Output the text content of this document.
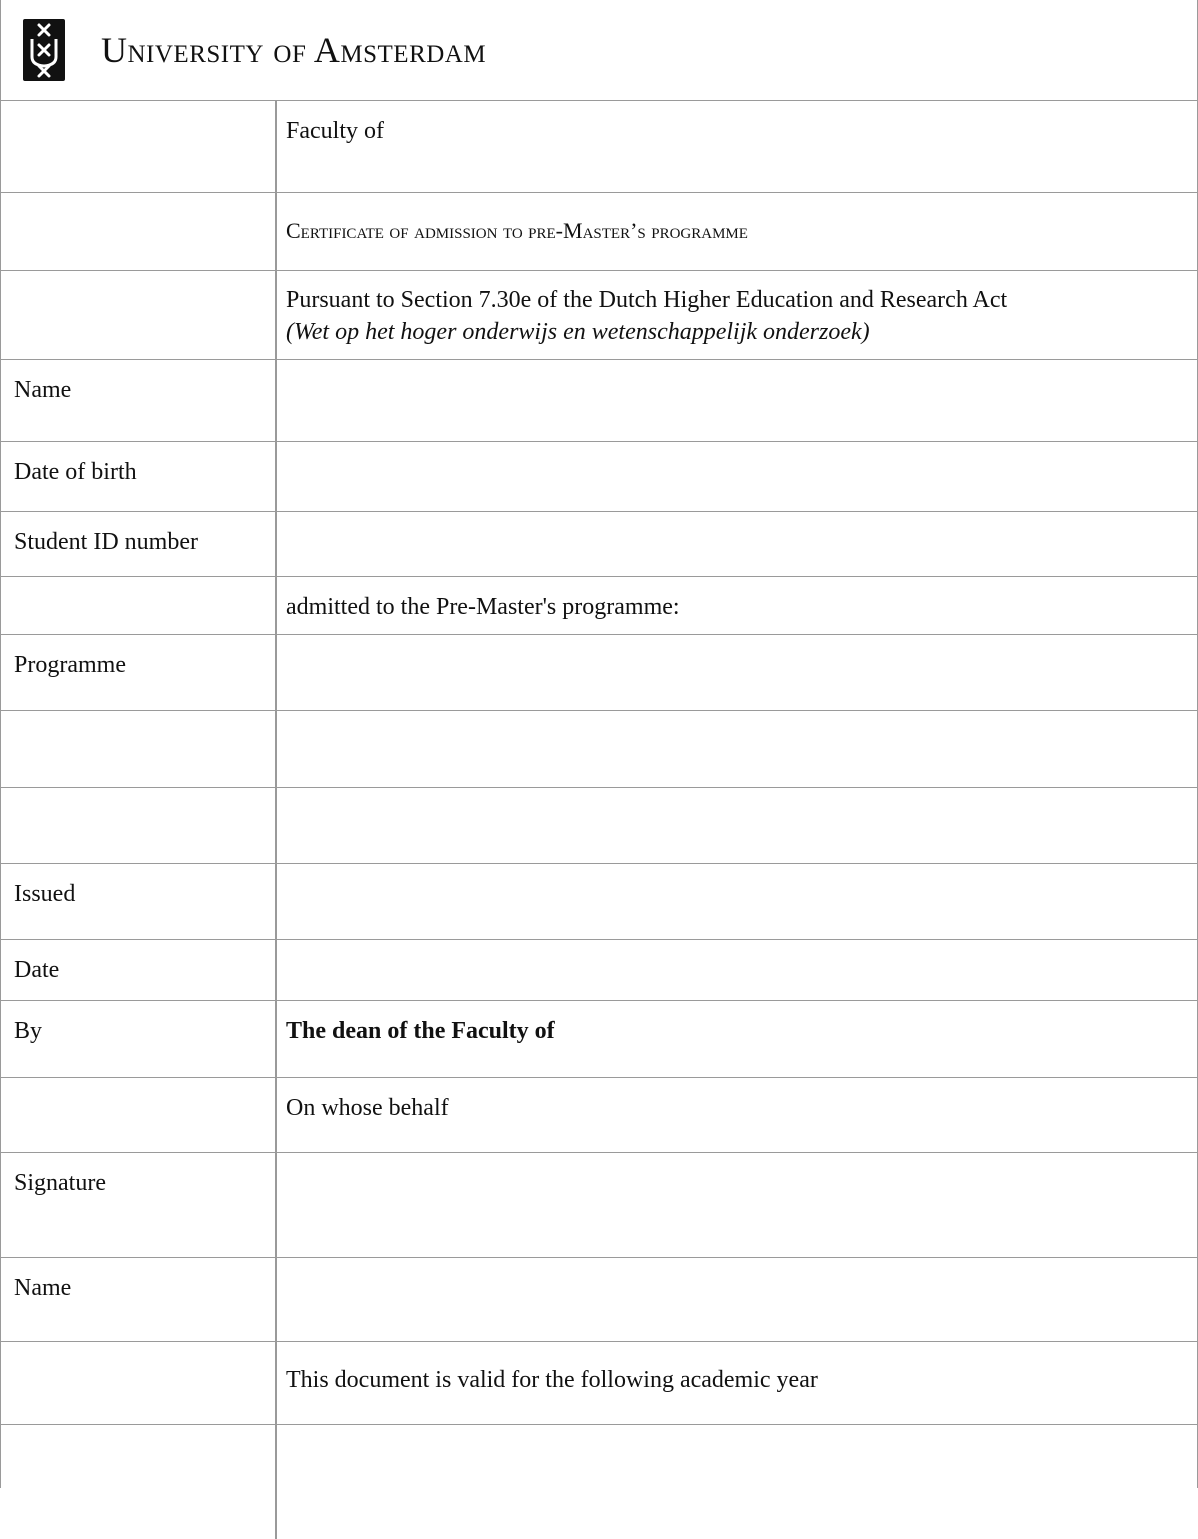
University of Amsterdam
	Faculty of
	Certificate of admission to pre-Master’s programme

	Pursuant to Section 7.30e of the Dutch Higher Education and Research Act
(Wet op het hoger onderwijs en wetenschappelijk onderzoek)

Name	
Date of birth	
Student ID number	
	admitted to the Pre-Master's programme:
Programme	

Issued	
Date	
By	The dean of the Faculty of
	On whose behalf
Signature	
Name	
	This document is valid for the following academic year
